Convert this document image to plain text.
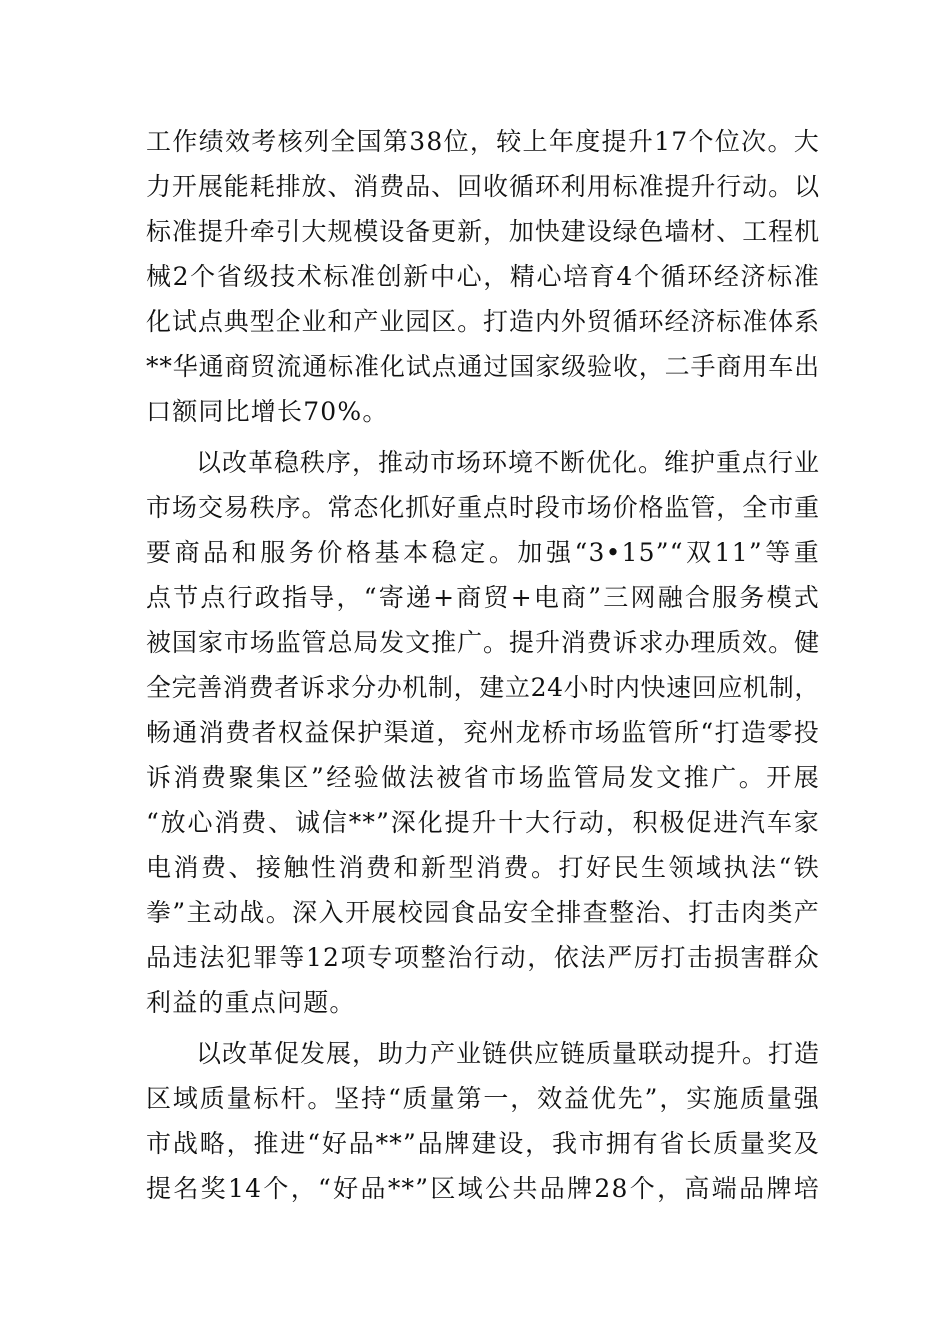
工作绩效考核列全国第38位，较上年度提升17个位次。大
力开展能耗排放、消费品、回收循环利用标准提升行动。以
标准提升牵引大规模设备更新，加快建设绿色墙材、工程机
械2个省级技术标准创新中心，精心培育4个循环经济标准
化试点典型企业和产业园区。打造内外贸循环经济标准体系
**华通商贸流通标准化试点通过国家级验收，二手商用车出
口额同比增长70%。

以改革稳秩序，推动市场环境不断优化。维护重点行业
市场交易秩序。常态化抓好重点时段市场价格监管，全市重
要商品和服务价格基本稳定。加强“3•15”“双11”等重
点节点行政指导，“寄递+商贸+电商”三网融合服务模式
被国家市场监管总局发文推广。提升消费诉求办理质效。健
全完善消费者诉求分办机制，建立24小时内快速回应机制，
畅通消费者权益保护渠道，兖州龙桥市场监管所“打造零投
诉消费聚集区”经验做法被省市场监管局发文推广。开展
“放心消费、诚信**”深化提升十大行动，积极促进汽车家
电消费、接触性消费和新型消费。打好民生领域执法“铁
拳”主动战。深入开展校园食品安全排查整治、打击肉类产
品违法犯罪等12项专项整治行动，依法严厉打击损害群众
利益的重点问题。

以改革促发展，助力产业链供应链质量联动提升。打造
区域质量标杆。坚持“质量第一，效益优先”，实施质量强
市战略，推进“好品**”品牌建设，我市拥有省长质量奖及
提名奖14个，“好品**”区域公共品牌28个，高端品牌培
